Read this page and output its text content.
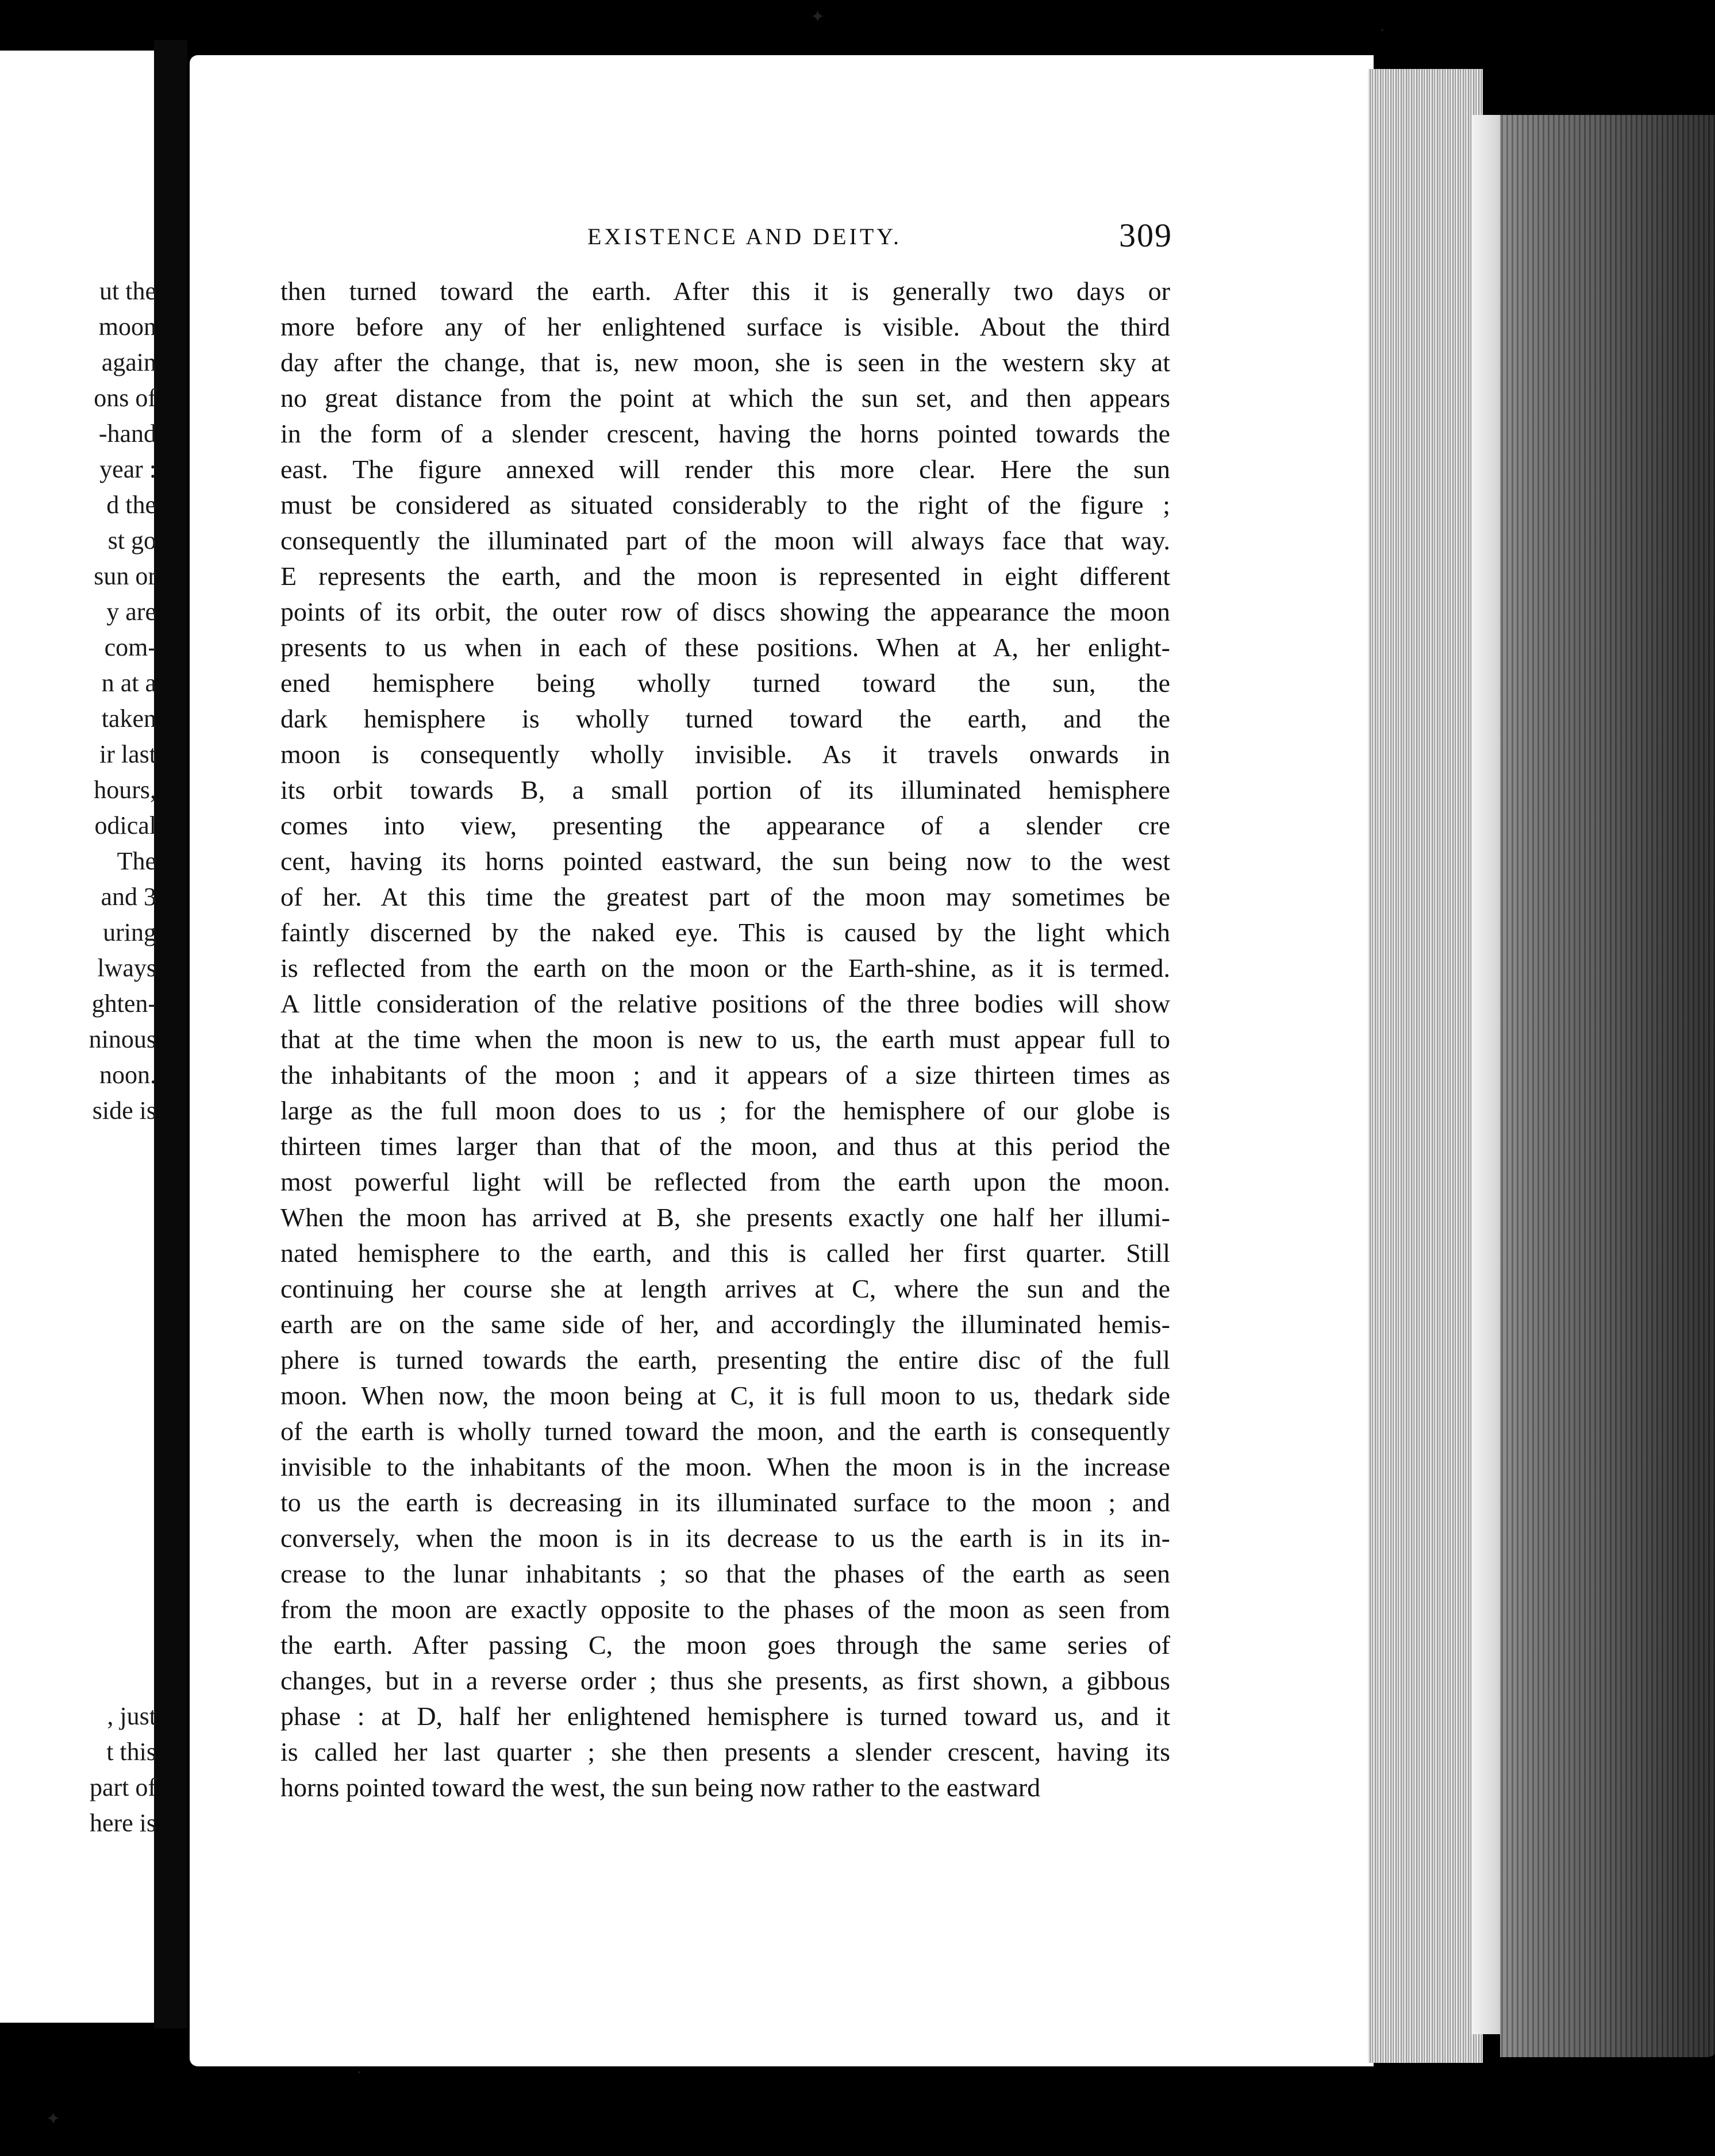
EXISTENCE AND DEITY.	309
then turned toward the earth. After this it is generally two days or
more before any of her enlightened surface is visible. About the third
day after the change, that is, new moon, she is seen in the western sky at
no great distance from the point at which the sun set, and then appears
in the form of a slender crescent, having the horns pointed towards the
east. The figure annexed will render this more clear. Here the sun
must be considered as situated considerably to the right of the figure ;
consequently the illuminated part of the moon will always face that way.
E represents the earth, and the moon is represented in eight different
points of its orbit, the outer row of discs showing the appearance the moon
presents to us when in each of these positions. When at A, her enlight-
ened hemisphere being wholly turned toward the sun, the
dark hemisphere is wholly turned toward the earth, and the
moon is consequently wholly invisible. As it travels onwards in
its orbit towards B, a small portion of its illuminated hemisphere
comes into view, presenting the appearance of a slender cre
cent, having its horns pointed eastward, the sun being now to the west
of her. At this time the greatest part of the moon may sometimes be
faintly discerned by the naked eye. This is caused by the light which
is reflected from the earth on the moon or the Earth-shine, as it is termed.
A little consideration of the relative positions of the three bodies will show
that at the time when the moon is new to us, the earth must appear full to
the inhabitants of the moon ; and it appears of a size thirteen times as
large as the full moon does to us ; for the hemisphere of our globe is
thirteen times larger than that of the moon, and thus at this period the
most powerful light will be reflected from the earth upon the moon.
When the moon has arrived at B, she presents exactly one half her illumi-
nated hemisphere to the earth, and this is called her first quarter. Still
continuing her course she at length arrives at C, where the sun and the
earth are on the same side of her, and accordingly the illuminated hemis-
phere is turned towards the earth, presenting the entire disc of the full
moon. When now, the moon being at C, it is full moon to us, thedark side
of the earth is wholly turned toward the moon, and the earth is consequently
invisible to the inhabitants of the moon. When the moon is in the increase
to us the earth is decreasing in its illuminated surface to the moon ; and
conversely, when the moon is in its decrease to us the earth is in its in-
crease to the lunar inhabitants ; so that the phases of the earth as seen
from the moon are exactly opposite to the phases of the moon as seen from
the earth. After passing C, the moon goes through the same series of
changes, but in a reverse order ; thus she presents, as first shown, a gibbous
phase : at D, half her enlightened hemisphere is turned toward us, and it
is called her last quarter ; she then presents a slender crescent, having its
horns pointed toward the west, the sun being now rather to the eastward
ut the
moon
again
ons of
-hand
year :
d the
st go
sun or
y are
com-
n at a
taken
ir last
hours,
odical
The
and 3
uring
lways
ghten-
ninous
noon.
side is
, just
t this
part of
here is
✦
·
✦
·
